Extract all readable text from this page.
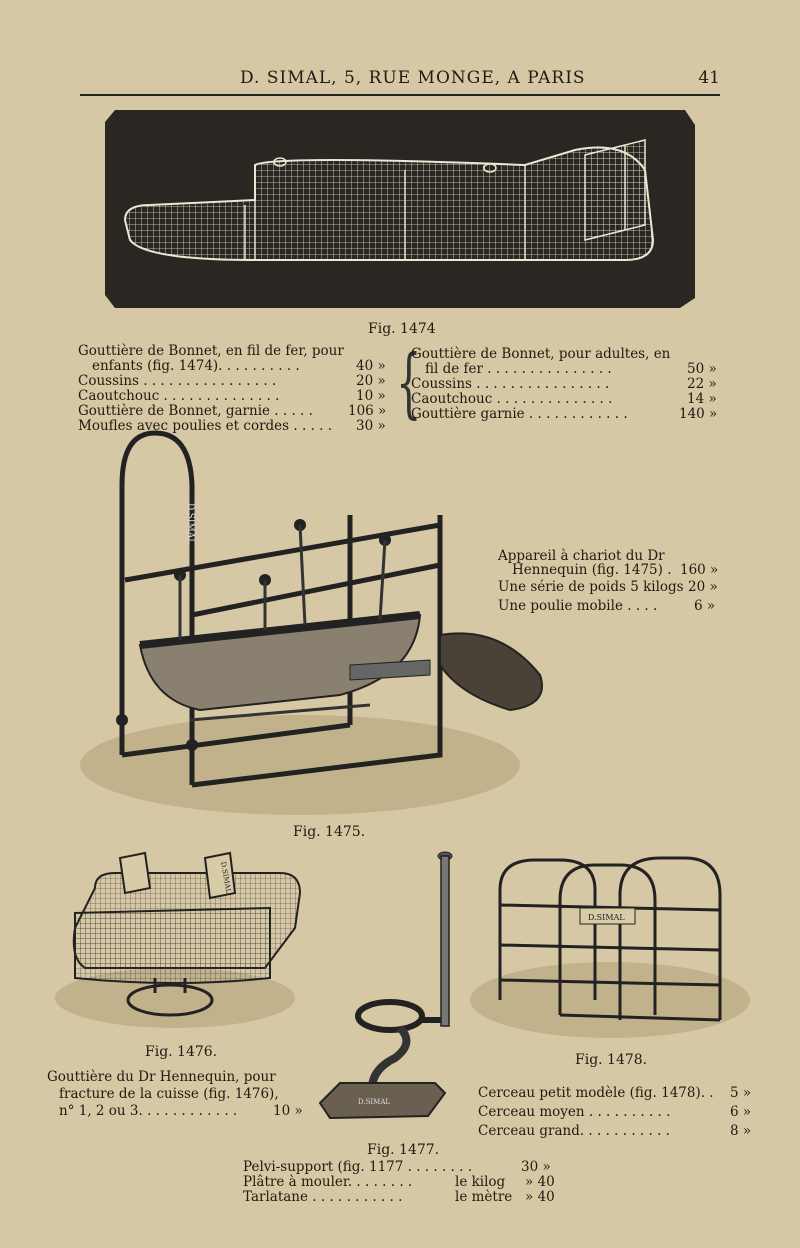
D. SIMAL, 5, RUE MONGE, A PARIS	41
Fig. 1474
Gouttière de Bonnet, en fil de fer, pour
enfants (fig. 1474). . . . . . . . . .	40 »
Coussins . . . . . . . . . . . . . . . .	20 »
Caoutchouc . . . . . . . . . . . . . .	10 »
Gouttière de Bonnet, garnie . . . . .	106 »
Moufles avec poulies et cordes . . . . . 30 » {
Gouttière de Bonnet, pour adultes, en
fil de fer . . . . . . . . . . . . . . .	50 »
Coussins . . . . . . . . . . . . . . . .	22 »
Caoutchouc . . . . . . . . . . . . . .	14 »
Gouttière garnie . . . . . . . . . . . .	140 »
D.SIMAL
Appareil à chariot du Dr
Hennequin (fig. 1475) . 160 »
Une série de poids 5 kilogs 20 »
Une poulie mobile . . . .	6 »
Fig. 1475.
D.SIMAL
Fig. 1476.
Gouttière du Dr Hennequin, pour
fracture de la cuisse (fig. 1476),
n° 1, 2 ou 3. . . . . . . . . . . .	10 »
D.SIMAL
Fig. 1477.
Pelvi-support (fig. 1177 . . . . . . . .	30 »
Plâtre à mouler. . . . . . . .	le kilog » 40
Tarlatane . . . . . . . . . . .	le mètre » 40
D.SIMAL
Fig. 1478.
Cerceau petit modèle (fig. 1478). . 5 »
Cerceau moyen . . . . . . . . . .	6 »
Cerceau grand. . . . . . . . . . .	8 »
